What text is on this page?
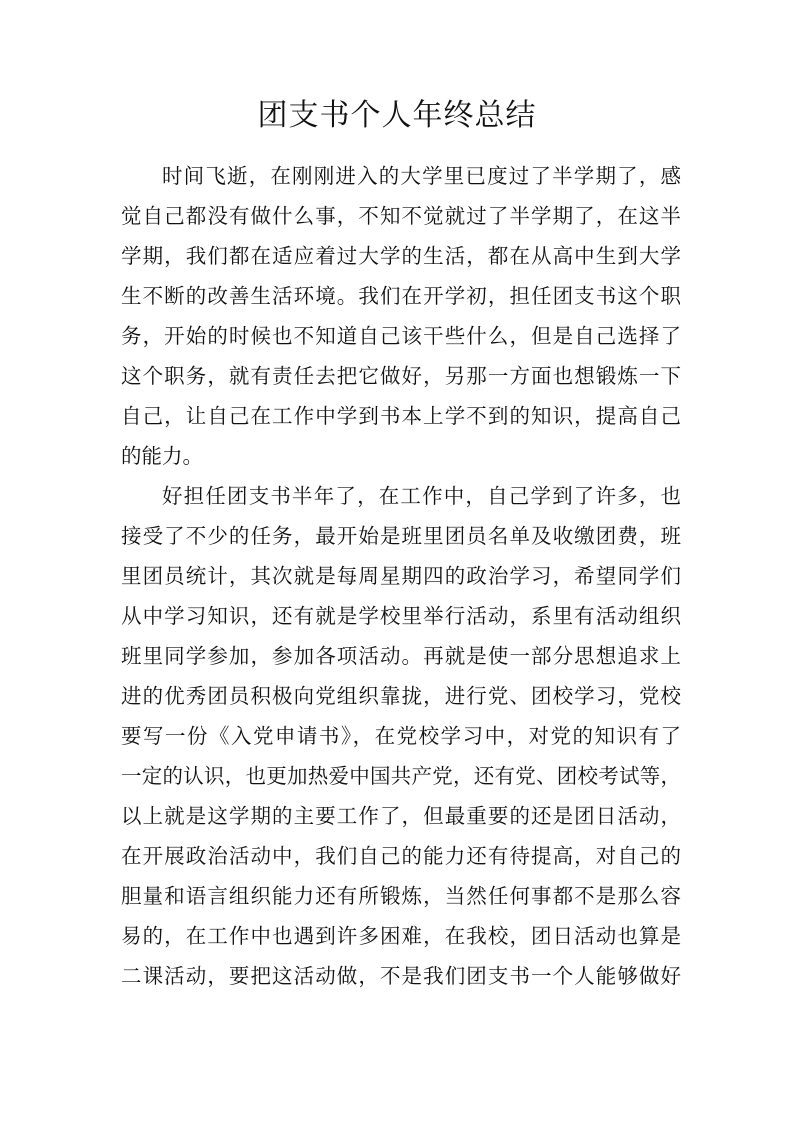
团支书个人年终总结

时间飞逝，在刚刚进入的大学里已度过了半学期了，感
觉自己都没有做什么事，不知不觉就过了半学期了，在这半
学期，我们都在适应着过大学的生活，都在从高中生到大学
生不断的改善生活环境。我们在开学初，担任团支书这个职
务，开始的时候也不知道自己该干些什么，但是自己选择了
这个职务，就有责任去把它做好，另那一方面也想锻炼一下
自己，让自己在工作中学到书本上学不到的知识，提高自己
的能力。

好担任团支书半年了，在工作中，自己学到了许多，也
接受了不少的任务，最开始是班里团员名单及收缴团费，班
里团员统计，其次就是每周星期四的政治学习，希望同学们
从中学习知识，还有就是学校里举行活动，系里有活动组织
班里同学参加，参加各项活动。再就是使一部分思想追求上
进的优秀团员积极向党组织靠拢，进行党、团校学习，党校
要写一份《入党申请书》，在党校学习中，对党的知识有了
一定的认识，也更加热爱中国共产党，还有党、团校考试等，
以上就是这学期的主要工作了，但最重要的还是团日活动，
在开展政治活动中，我们自己的能力还有待提高，对自己的
胆量和语言组织能力还有所锻炼，当然任何事都不是那么容
易的，在工作中也遇到许多困难，在我校，团日活动也算是
二课活动，要把这活动做，不是我们团支书一个人能够做好
